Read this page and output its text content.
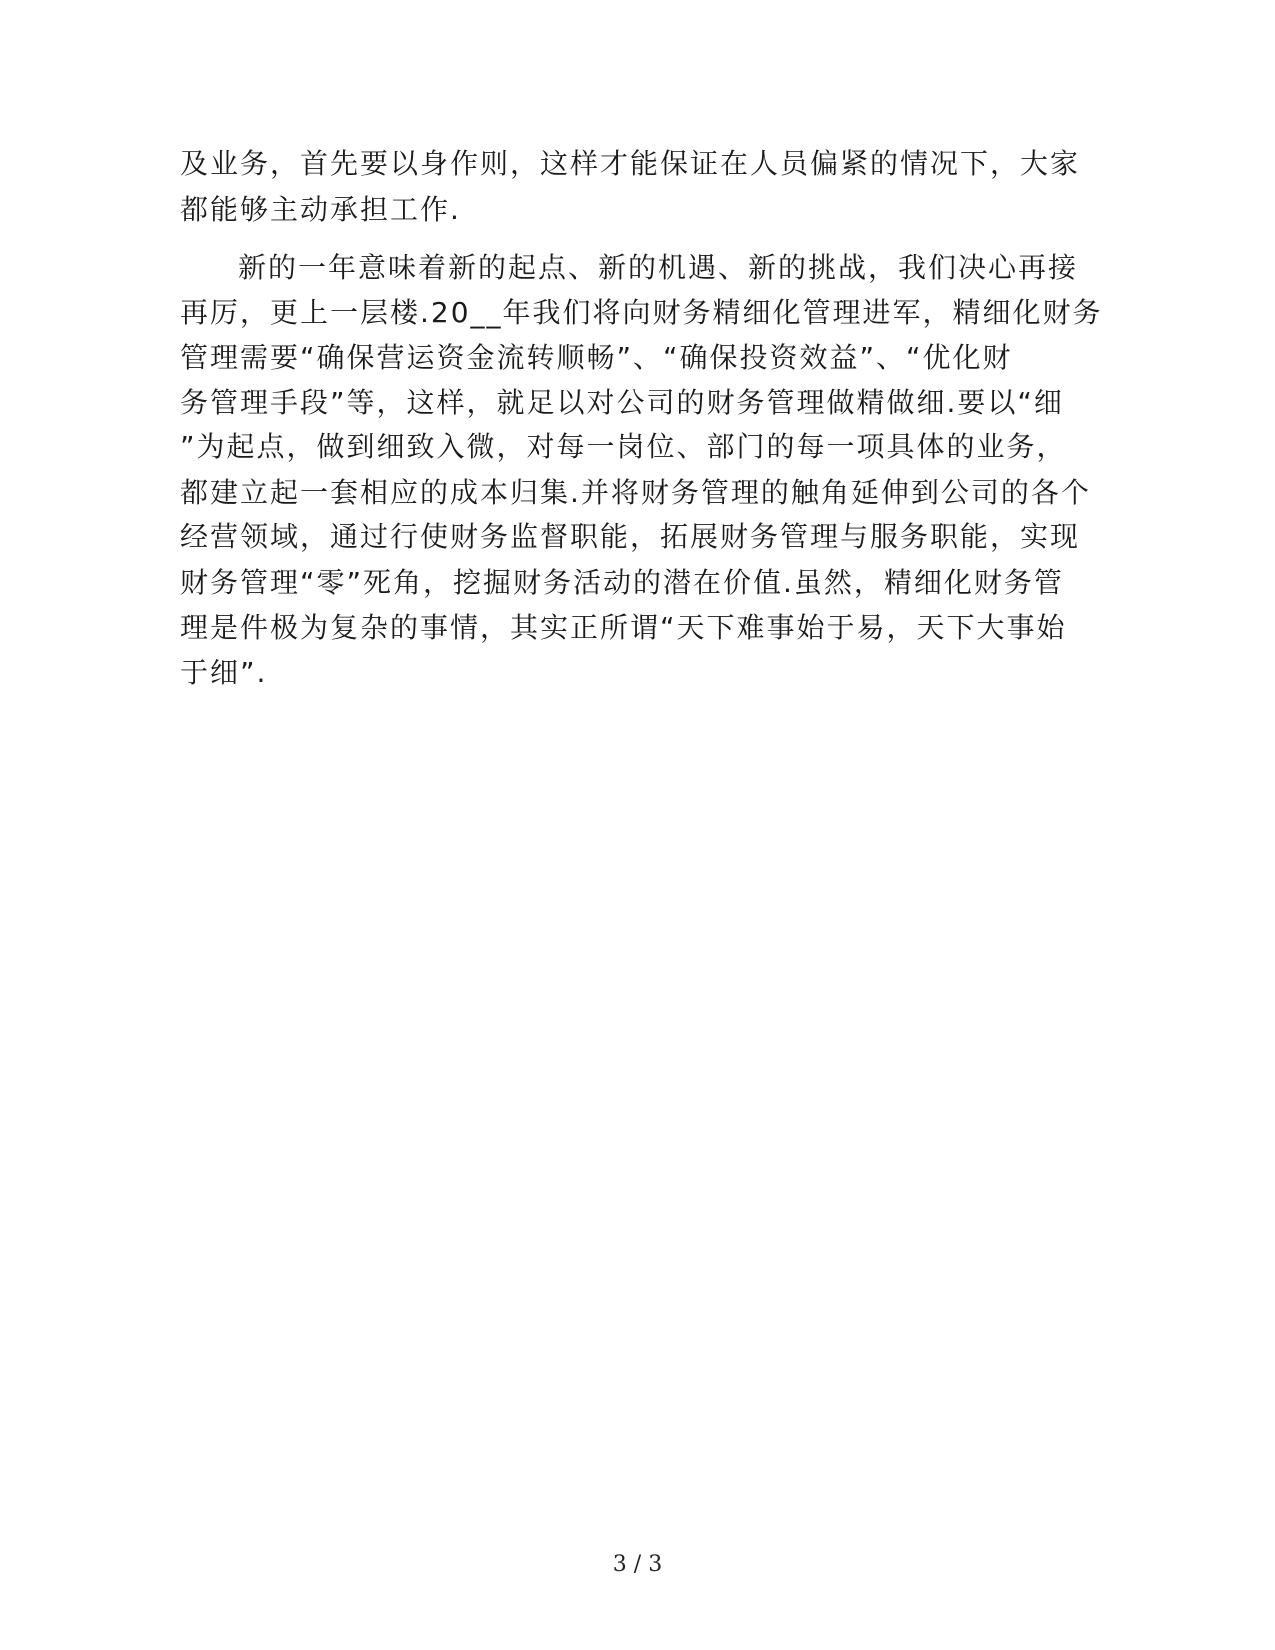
及业务，首先要以身作则，这样才能保证在人员偏紧的情况下，大家

都能够主动承担工作.

新的一年意味着新的起点、新的机遇、新的挑战，我们决心再接

再厉，更上一层楼.20__年我们将向财务精细化管理进军，精细化财务

管理需要“确保营运资金流转顺畅”、“确保投资效益”、“优化财

务管理手段”等，这样，就足以对公司的财务管理做精做细.要以“细

”为起点，做到细致入微，对每一岗位、部门的每一项具体的业务，

都建立起一套相应的成本归集.并将财务管理的触角延伸到公司的各个

经营领域，通过行使财务监督职能，拓展财务管理与服务职能，实现

财务管理“零”死角，挖掘财务活动的潜在价值.虽然，精细化财务管

理是件极为复杂的事情，其实正所谓“天下难事始于易，天下大事始

于细”.

3 / 3
